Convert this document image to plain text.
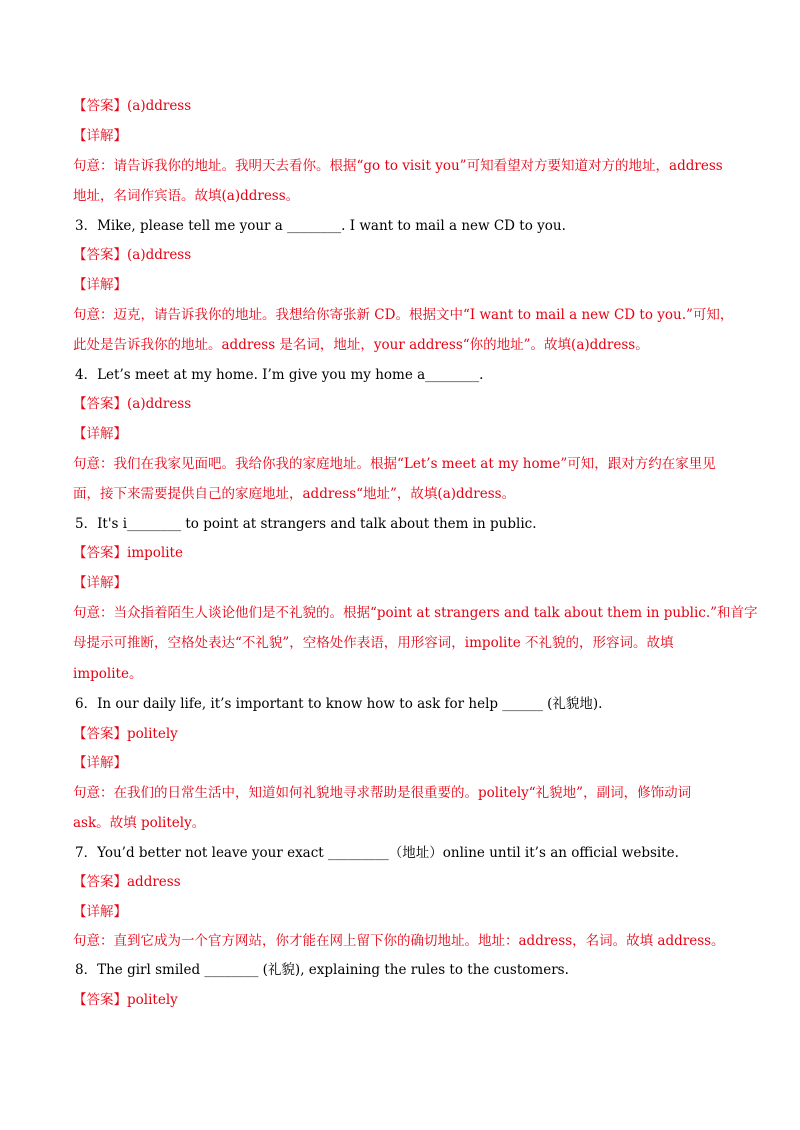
【答案】(a)ddress
【详解】
句意：请告诉我你的地址。我明天去看你。根据“go to visit you”可知看望对方要知道对方的地址，address
地址，名词作宾语。故填(a)ddress。
3．Mike, please tell me your a ________. I want to mail a new CD to you.
【答案】(a)ddress
【详解】
句意：迈克，请告诉我你的地址。我想给你寄张新 CD。根据文中“I want to mail a new CD to you.”可知，
此处是告诉我你的地址。address 是名词，地址，your address“你的地址”。故填(a)ddress。
4．Let’s meet at my home. I’m give you my home a________.
【答案】(a)ddress
【详解】
句意：我们在我家见面吧。我给你我的家庭地址。根据“Let’s meet at my home”可知，跟对方约在家里见
面，接下来需要提供自己的家庭地址，address“地址”，故填(a)ddress。
5．It's i________ to point at strangers and talk about them in public.
【答案】impolite
【详解】
句意：当众指着陌生人谈论他们是不礼貌的。根据“point at strangers and talk about them in public.”和首字
母提示可推断，空格处表达“不礼貌”，空格处作表语，用形容词，impolite 不礼貌的，形容词。故填
impolite。
6．In our daily life, it’s important to know how to ask for help ______ (礼貌地).
【答案】politely
【详解】
句意：在我们的日常生活中，知道如何礼貌地寻求帮助是很重要的。politely“礼貌地”，副词，修饰动词
ask。故填 politely。
7．You’d better not leave your exact _________（地址）online until it’s an official website.
【答案】address
【详解】
句意：直到它成为一个官方网站，你才能在网上留下你的确切地址。地址：address，名词。故填 address。
8．The girl smiled ________ (礼貌), explaining the rules to the customers.
【答案】politely
